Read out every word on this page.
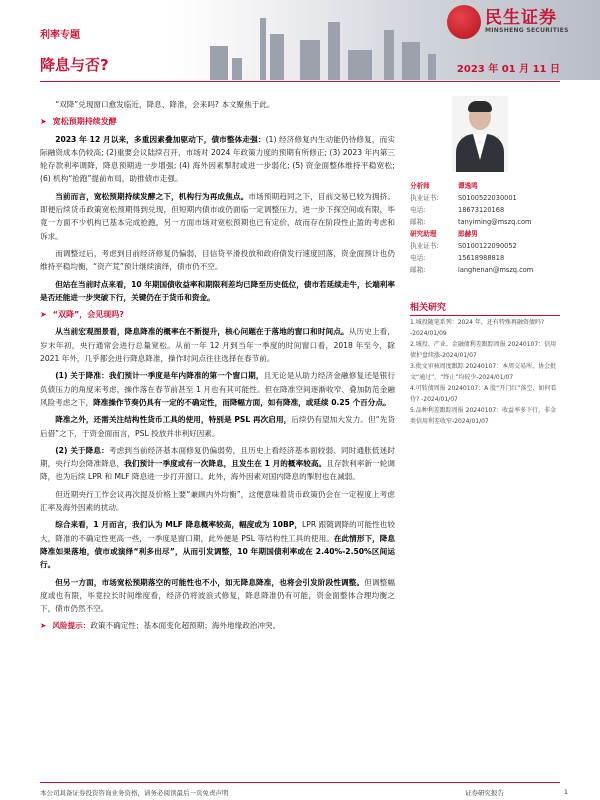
民生证券
MINSHENG SECURITIES
利率专题
降息与否?	2023 年 01 月 11 日

“双降”兑现窗口愈发临近，降息、降准，会来吗? 本文聚焦于此。

➤ 宽松预期持续发酵

2023 年 12 月以来，多重因素叠加驱动下，债市整体走强：(1) 经济修复内生动能仍待修复，而实际融资成本仍较高; (2)重要会议陆续召开，市场对 2024 年政策力度的预期有所修正; (3) 2023 年内第三轮存款利率调降，降息预期进一步增强; (4) 海外因素掣肘或进一步弱化; (5) 资金面整体维持平稳宽松; (6) 机构“抢跑”提前布局，助推债市走强。

当前而言，宽松预期持续发酵之下，机构行为再成焦点。市场预期趋同之下，目前交易已较为拥挤。即便后续货币政策宽松预期得到兑现，但短期内债市或仍面临一定调整压力，进一步下探空间或有限，毕竟一方面不少机构已基本完成抢跑，另一方面市场对宽松预期也已有定价，故而存在阶段性止盈的考虑和诉求。

而调整过后，考虑到目前经济修复仍偏弱，目信贷平滑投放和政府债发行速度回落，资金面预计也仍维持平稳均衡，“资产荒”预计继续演绎，债市仍不空。

但站在当前时点来看，10 年期国债收益率和期限利差均已降至历史低位，债市若延续走牛，长端利率是否还能进一步突破下行，关键仍在于货币和资金。

➤ “双降”，会见现吗?

从当前宏观图景看，降息降准的概率在不断提升，核心问题在于落地的窗口和时间点。从历史上看，岁末年初，央行通常会进行总量宽松。从前一年 12 月到当年一季度的时间窗口看，2018 年至今，除 2021 年外，几乎都会进行降息降准，操作时间点往往选择在春节前。

(1) 关于降准：我们预计一季度是年内降准的第一个窗口期，且无论是从助力经济金融修复还是银行负债压力的角度来考虑，操作落在春节前甚至 1 月也有其可能性。但在降准空间逐渐收窄、叠加防范金融风险考虑之下，降准操作节奏仍具有一定的不确定性，而降幅方面，如有降准，或延续 0.25 个百分点。

降准之外，还需关注结构性货币工具的使用，特别是 PSL 再次启用，后续仍有望加大发力。但“先货后借”之下，于资金面而言，PSL 投放并非利好因素。

(2) 关于降息：考虑到当前经济基本面修复仍偏弱势，且历史上看经济基本面较弱、同时通胀低迷时期，央行均会降准降息，我们预计一季度或有一次降息，且发生在 1 月的概率较高。且存款利率新一轮调降，也为后续 LPR 和 MLF 降息进一步打开窗口。此外，海外因素对国内降息的掣肘也在减弱。

但近期央行工作会议再次提及价格上要“兼顾内外均衡”，这便意味着货币政策仍会在一定程度上考虑汇率及海外因素的扰动。

综合来看，1 月而言，我们认为 MLF 降息概率较高，幅度或为 10BP，LPR 跟随调降的可能性也较大，降准的不确定性更高一些，一季度是窗口期，此外便是 PSL 等结构性工具的使用。在此情形下，降息降准如果落地，债市或演绎“利多出尽”，从而引发调整，10 年期国债利率或在 2.40%-2.50%区间运行。

但另一方面，市场宽松预期落空的可能性也不小，如无降息降准，也将会引发阶段性调整。但调整幅度或也有限，毕竟拉长时间维度看，经济仍将波浪式修复，降息降准仍有可能，资金面整体合理均衡之下，债市仍然不空。

➤ 风险提示： 政策不确定性；基本面变化超预期；海外地缘政治冲突。
分析师	谭逸鸣
执业证书:	S0100522030001
电话:	18673120168
邮箱:	tanyiming@mszq.com
研究助理	郎赫男
执业证书:	S0100122090052
电话:	15618988818
邮箱:	langhenan@mszq.com
相关研究
1.城投随笔系列：2024 年，还有特殊再融资债吗? -2024/01/09
2.城投、产业、金融债利差跟踪周报 20240107：信用债护盘续涨-2024/01/07
3.批文审核周度跟踪 20240107：本周交易所、协会批文“通过”、“终止”均较少-2024/01/07
4.可转债周报 20240107：A 股“开门红”落空，如何看待? -2024/01/07
5.品种利差跟踪周报 20240107：收益率多下行，非金类信用利差收窄-2024/01/07
本公司具备证券投资咨询业务资格，请务必阅读最后一页免责声明	证券研究报告	1
